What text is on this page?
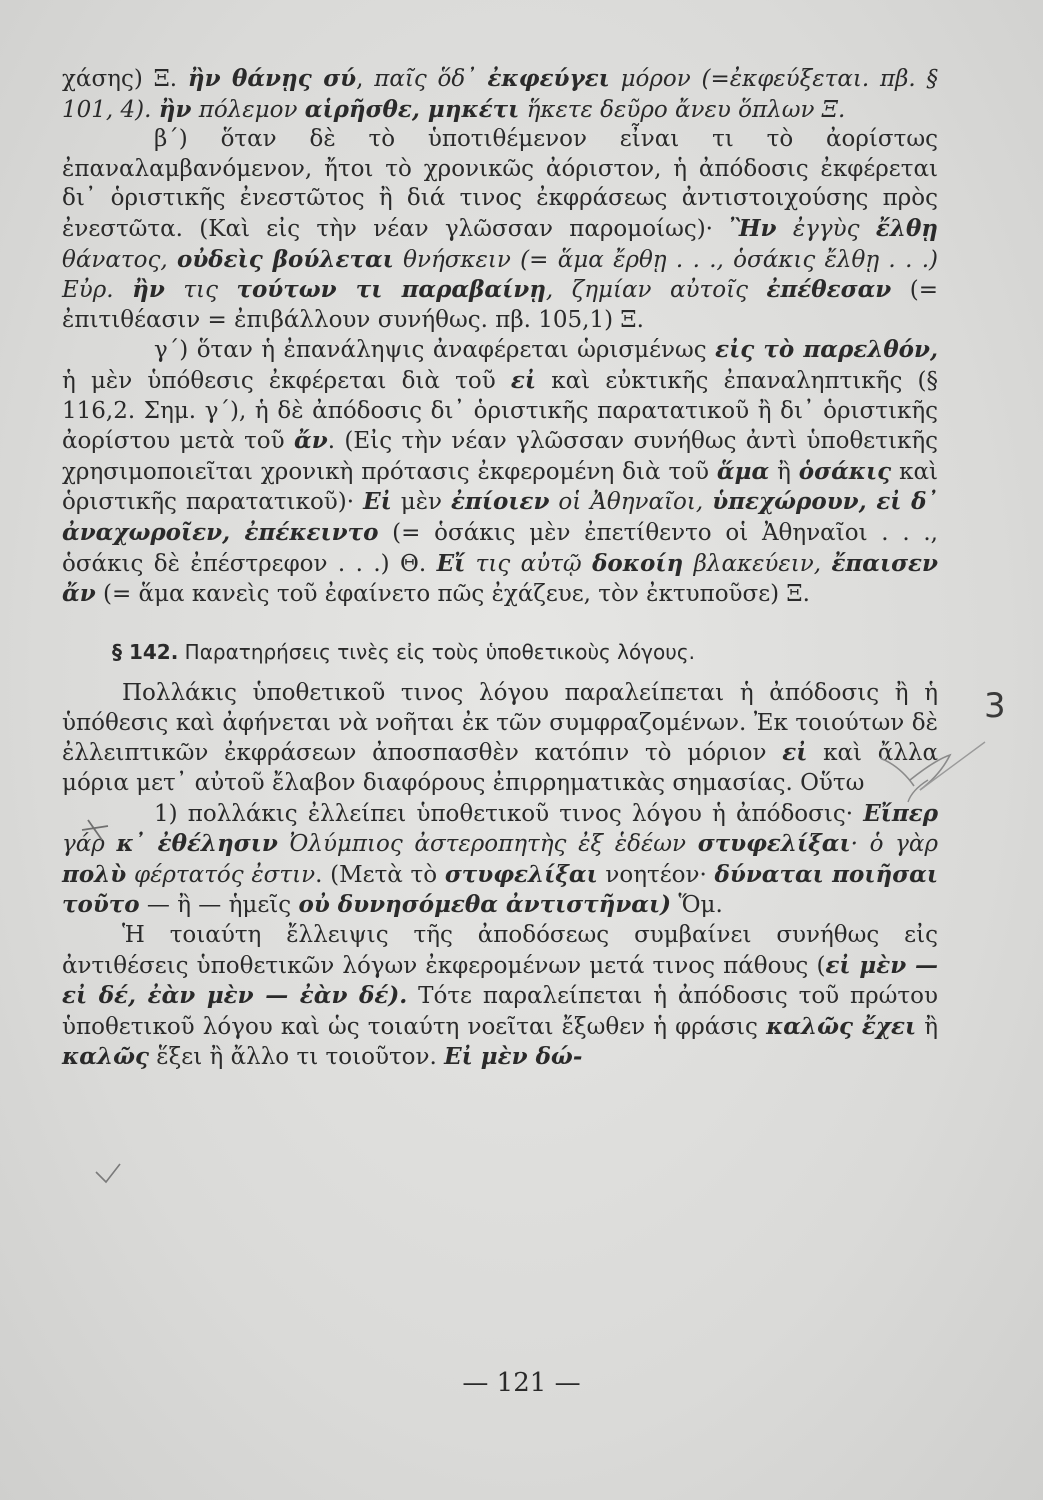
χάσης) Ξ. ἢν θάνῃς σύ, παῖς ὅδ᾽ ἐκφεύγει μόρον (=ἐκφεύξεται. πβ. § 101, 4). ἢν πόλεμον αἱρῆσθε, μηκέτι ἥκετε δεῦρο ἄνευ ὅπλων Ξ.

β΄) ὅταν δὲ τὸ ὑποτιθέμενον εἶναι τι τὸ ἀορίστως ἐπαναλαμβανόμενον, ἤτοι τὸ χρονικῶς ἀόριστον, ἡ ἀπόδοσις ἐκφέρεται δι᾽ ὁριστικῆς ἐνεστῶτος ἢ διά τινος ἐκφράσεως ἀντιστοιχούσης πρὸς ἐνεστῶτα. (Καὶ εἰς τὴν νέαν γλῶσσαν παρομοίως)· Ἢν ἐγγὺς ἔλθῃ θάνατος, οὐδεὶς βούλεται θνήσκειν (= ἅμα ἔρθῃ . . ., ὁσάκις ἔλθῃ . . .) Εὐρ. ἢν τις τούτων τι παραβαίνῃ, ζημίαν αὐτοῖς ἐπέθεσαν (= ἐπιτιθέασιν = ἐπιβάλλουν συνήθως. πβ. 105,1) Ξ.

γ΄) ὅταν ἡ ἐπανάληψις ἀναφέρεται ὡρισμένως εἰς τὸ παρελθόν, ἡ μὲν ὑπόθεσις ἐκφέρεται διὰ τοῦ εἰ καὶ εὐκτικῆς ἐπαναληπτικῆς (§ 116,2. Σημ. γ΄), ἡ δὲ ἀπόδοσις δι᾽ ὁριστικῆς παρατατικοῦ ἢ δι᾽ ὁριστικῆς ἀορίστου μετὰ τοῦ ἄν. (Εἰς τὴν νέαν γλῶσσαν συνήθως ἀντὶ ὑποθετικῆς χρησιμοποιεῖται χρονικὴ πρότασις ἐκφερομένη διὰ τοῦ ἅμα ἢ ὁσάκις καὶ ὁριστικῆς παρατατικοῦ)· Εἰ μὲν ἐπίοιεν οἱ Ἀθηναῖοι, ὑπεχώρουν, εἰ δ᾽ ἀναχωροῖεν, ἐπέκειντο (= ὁσάκις μὲν ἐπετίθεντο οἱ Ἀθηναῖοι . . ., ὁσάκις δὲ ἐπέστρεφον . . .) Θ. Εἴ τις αὐτῷ δοκοίη βλακεύειν, ἔπαισεν ἄν (= ἅμα κανεὶς τοῦ ἐφαίνετο πῶς ἐχάζευε, τὸν ἐκτυποῦσε) Ξ.

§ 142. Παρατηρήσεις τινὲς εἰς τοὺς ὑποθετικοὺς λόγους.

Πολλάκις ὑποθετικοῦ τινος λόγου παραλείπεται ἡ ἀπόδοσις ἢ ἡ ὑπόθεσις καὶ ἀφήνεται νὰ νοῆται ἐκ τῶν συμφραζομένων. Ἐκ τοιούτων δὲ ἐλλειπτικῶν ἐκφράσεων ἀποσπασθὲν κατόπιν τὸ μόριον εἰ καὶ ἄλλα μόρια μετ᾽ αὐτοῦ ἔλαβον διαφόρους ἐπιρρηματικὰς σημασίας. Οὕτω

1) πολλάκις ἐλλείπει ὑποθετικοῦ τινος λόγου ἡ ἀπόδοσις· Εἴπερ γάρ κ᾽ ἐθέλησιν Ὀλύμπιος ἀστεροπητὴς ἐξ ἑδέων στυφελίξαι· ὁ γὰρ πολὺ φέρτατός ἐστιν. (Μετὰ τὸ στυφελίξαι νοητέον· δύναται ποιῆσαι τοῦτο — ἢ — ἡμεῖς οὐ δυνησόμεθα ἀντιστῆναι) Ὅμ.

Ἡ τοιαύτη ἔλλειψις τῆς ἀποδόσεως συμβαίνει συνήθως εἰς ἀντιθέσεις ὑποθετικῶν λόγων ἐκφερομένων μετά τινος πάθους (εἰ μὲν — εἰ δέ, ἐὰν μὲν — ἐὰν δέ). Τότε παραλείπεται ἡ ἀπόδοσις τοῦ πρώτου ὑποθετικοῦ λόγου καὶ ὡς τοιαύτη νοεῖται ἔξωθεν ἡ φράσις καλῶς ἔχει ἢ καλῶς ἕξει ἢ ἄλλο τι τοιοῦτον. Εἰ μὲν δώ-

3
— 121 —
